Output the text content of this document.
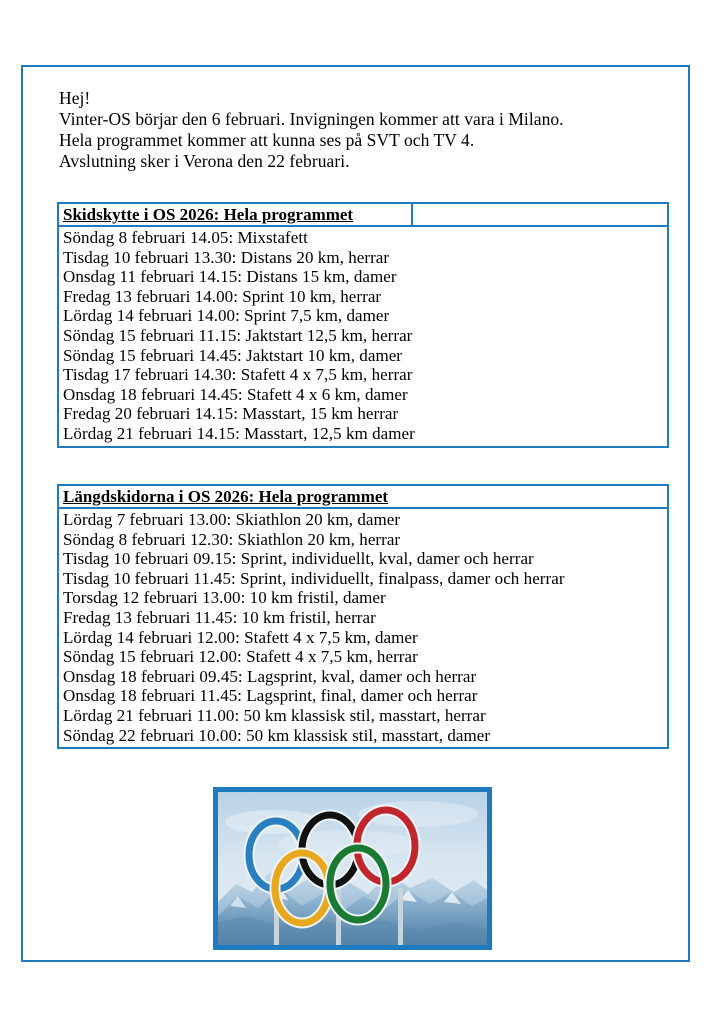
Hej!
Vinter-OS börjar den 6 februari. Invigningen kommer att vara i Milano.
Hela programmet kommer att kunna ses på SVT och TV 4.
Avslutning sker i Verona den 22 februari.
Skidskytte i OS 2026: Hela programmet
Söndag 8 februari 14.05: Mixstafett
Tisdag 10 februari 13.30: Distans 20 km, herrar
Onsdag 11 februari 14.15: Distans 15 km, damer
Fredag 13 februari 14.00: Sprint 10 km, herrar
Lördag 14 februari 14.00: Sprint 7,5 km, damer
Söndag 15 februari 11.15: Jaktstart 12,5 km, herrar
Söndag 15 februari 14.45: Jaktstart 10 km, damer
Tisdag 17 februari 14.30: Stafett 4 x 7,5 km, herrar
Onsdag 18 februari 14.45: Stafett 4 x 6 km, damer
Fredag 20 februari 14.15: Masstart, 15 km herrar
Lördag 21 februari 14.15: Masstart, 12,5 km damer
Längdskidorna i OS 2026: Hela programmet
Lördag 7 februari 13.00: Skiathlon 20 km, damer
Söndag 8 februari 12.30: Skiathlon 20 km, herrar
Tisdag 10 februari 09.15: Sprint, individuellt, kval, damer och herrar
Tisdag 10 februari 11.45: Sprint, individuellt, finalpass, damer och herrar
Torsdag 12 februari 13.00: 10 km fristil, damer
Fredag 13 februari 11.45: 10 km fristil, herrar
Lördag 14 februari 12.00: Stafett 4 x 7,5 km, damer
Söndag 15 februari 12.00: Stafett 4 x 7,5 km, herrar
Onsdag 18 februari 09.45: Lagsprint, kval, damer och herrar
Onsdag 18 februari 11.45: Lagsprint, final, damer och herrar
Lördag 21 februari 11.00: 50 km klassisk stil, masstart, herrar
Söndag 22 februari 10.00: 50 km klassisk stil, masstart, damer
